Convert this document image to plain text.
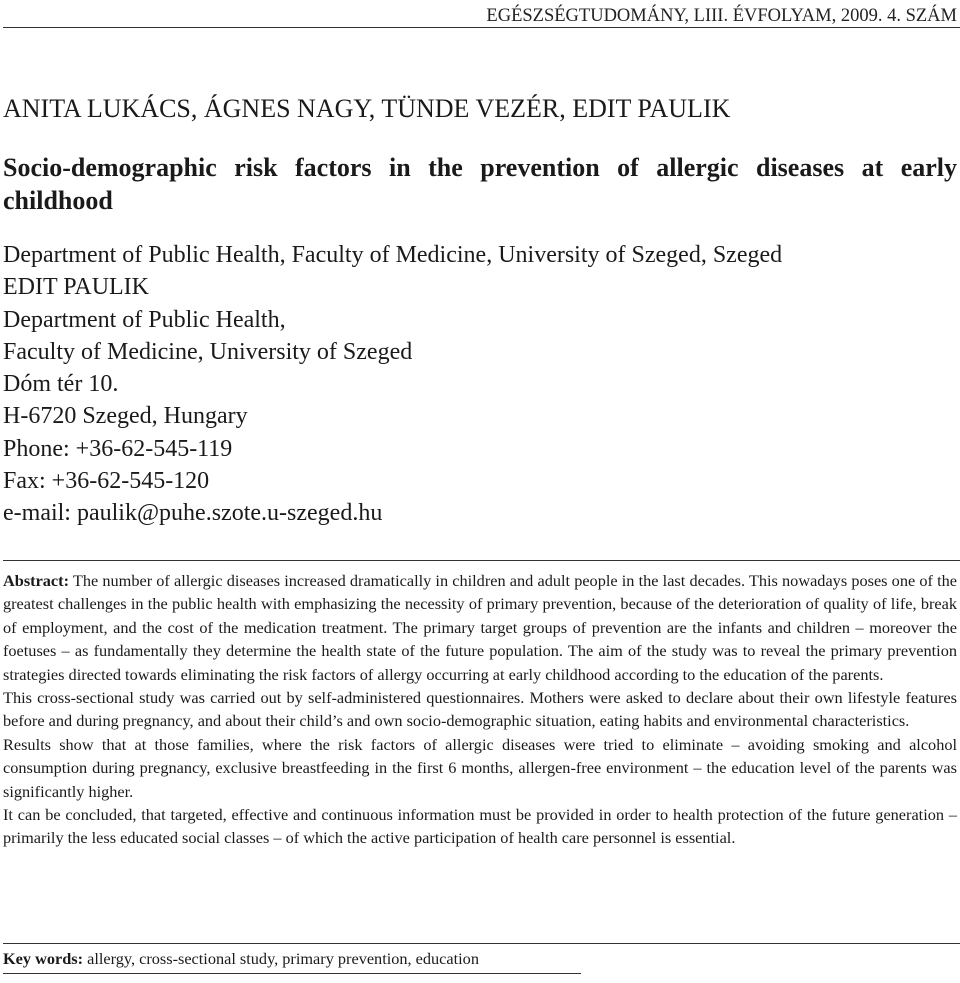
EGÉSZSÉGTUDOMÁNY, LIII. ÉVFOLYAM, 2009. 4. SZÁM
ANITA LUKÁCS, ÁGNES NAGY, TÜNDE VEZÉR, EDIT PAULIK
Socio-demographic risk factors in the prevention of allergic diseases at early
childhood
Department of Public Health, Faculty of Medicine, University of Szeged, Szeged
EDIT PAULIK
Department of Public Health,
Faculty of Medicine, University of Szeged
Dóm tér 10.
H-6720 Szeged, Hungary
Phone: +36-62-545-119
Fax: +36-62-545-120
e-mail: paulik@puhe.szote.u-szeged.hu

Abstract: The number of allergic diseases increased dramatically in children and adult people in the last decades. This nowadays poses one of the greatest challenges in the public health with emphasizing the necessity of primary prevention, because of the deterioration of quality of life, break of employment, and the cost of the medication treatment. The primary target groups of prevention are the infants and children – moreover the foetuses – as fundamentally they determine the health state of the future population. The aim of the study was to reveal the primary prevention strategies directed towards eliminating the risk factors of allergy occurring at early childhood according to the education of the parents.

This cross-sectional study was carried out by self-administered questionnaires. Mothers were asked to declare about their own lifestyle features before and during pregnancy, and about their child’s and own socio-demographic situation, eating habits and environmental characteristics.

Results show that at those families, where the risk factors of allergic diseases were tried to eliminate – avoiding smoking and alcohol consumption during pregnancy, exclusive breastfeeding in the first 6 months, allergen-free environment – the education level of the parents was significantly higher.

It can be concluded, that targeted, effective and continuous information must be provided in order to health protection of the future generation – primarily the less educated social classes – of which the active participation of health care personnel is essential.

Key words: allergy, cross-sectional study, primary prevention, education
